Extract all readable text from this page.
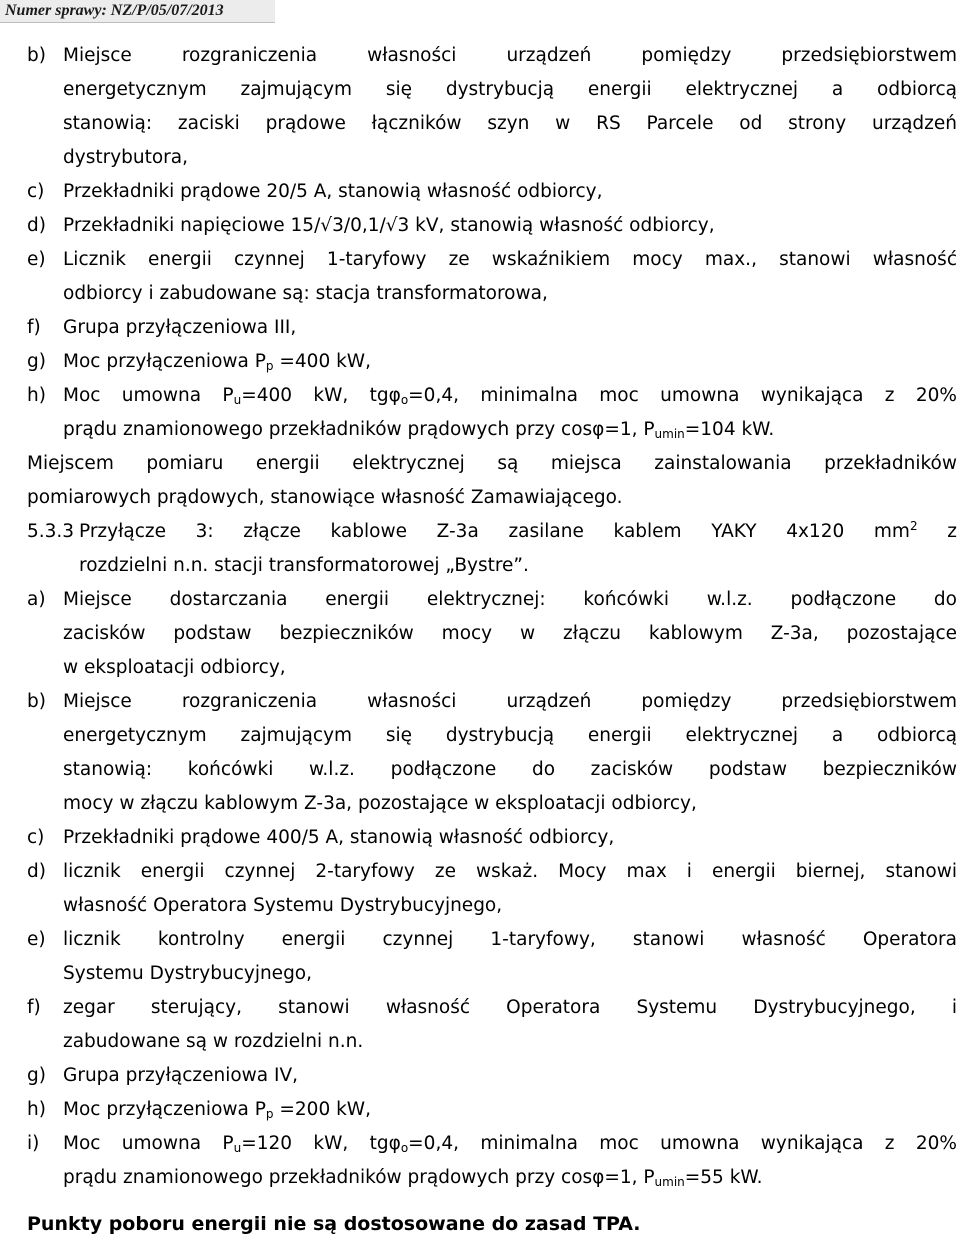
Numer sprawy: NZ/P/05/07/2013
b) Miejsce rozgraniczenia własności urządzeń pomiędzy przedsiębiorstwem
energetycznym zajmującym się dystrybucją energii elektrycznej a odbiorcą
stanowią: zaciski prądowe łączników szyn w RS Parcele od strony urządzeń
dystrybutora,
c)	Przekładniki prądowe 20/5 A, stanowią własność odbiorcy,
d) Przekładniki napięciowe 15/√3/0,1/√3 kV, stanowią własność odbiorcy,
e) Licznik energii czynnej 1-taryfowy ze wskaźnikiem mocy max., stanowi własność
odbiorcy i zabudowane są: stacja transformatorowa,
f)	Grupa przyłączeniowa III,
g) Moc przyłączeniowa $P_p =400$ kW,
h) Moc umowna $P_u=400$ kW, tgφ$_o$=0,4, minimalna moc umowna wynikająca z 20%
prądu znamionowego przekładników prądowych przy cosφ=1, $P_{umin}=104$ kW.
Miejscem pomiaru energii elektrycznej są miejsca zainstalowania przekładników
pomiarowych prądowych, stanowiące własność Zamawiającego.
5.3.3 Przyłącze 3: złącze kablowe Z-3a zasilane kablem YAKY 4x120 $mm^2$ z
rozdzielni n.n. stacji transformatorowej „Bystre”.
a) Miejsce dostarczania energii elektrycznej: końcówki w.l.z. podłączone do
zacisków podstaw bezpieczników mocy w złączu kablowym Z-3a, pozostające
w eksploatacji odbiorcy,
b) Miejsce rozgraniczenia własności urządzeń pomiędzy przedsiębiorstwem
energetycznym zajmującym się dystrybucją energii elektrycznej a odbiorcą
stanowią: końcówki w.l.z. podłączone do zacisków podstaw bezpieczników
mocy w złączu kablowym Z-3a, pozostające w eksploatacji odbiorcy,
c)	Przekładniki prądowe 400/5 A, stanowią własność odbiorcy,
d) licznik energii czynnej 2-taryfowy ze wskaż. Mocy max i energii biernej, stanowi
własność Operatora Systemu Dystrybucyjnego,
e) licznik kontrolny energii czynnej 1-taryfowy, stanowi własność Operatora
Systemu Dystrybucyjnego,
f)	zegar sterujący, stanowi własność Operatora Systemu Dystrybucyjnego, i
zabudowane są w rozdzielni n.n.
g) Grupa przyłączeniowa IV,
h) Moc przyłączeniowa $P_p =200$ kW,
i)	Moc umowna $P_u=120$ kW, tgφ$_o$=0,4, minimalna moc umowna wynikająca z 20%
prądu znamionowego przekładników prądowych przy cosφ=1, $P_{umin}=55$ kW.
Punkty poboru energii nie są dostosowane do zasad TPA.
